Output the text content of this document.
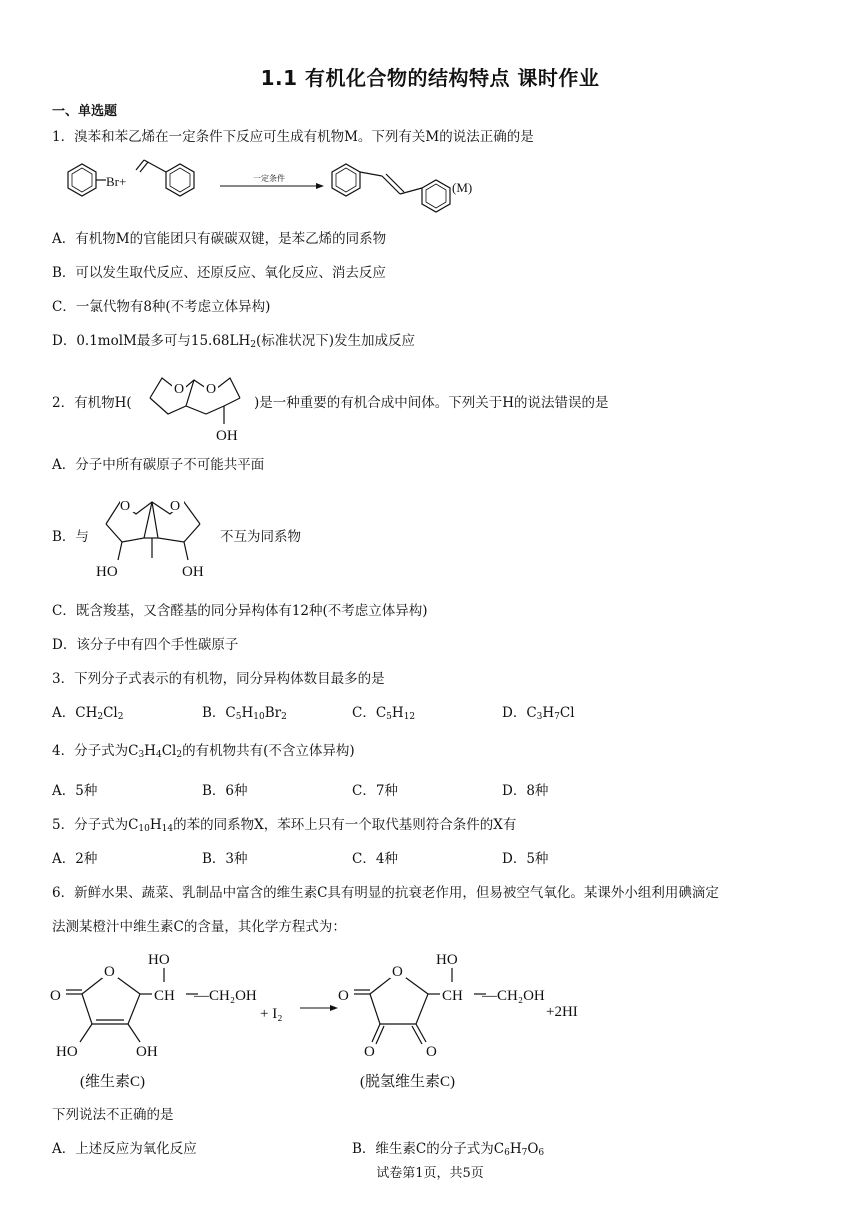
1.1 有机化合物的结构特点 课时作业
一、单选题
1．溴苯和苯乙烯在一定条件下反应可生成有机物M。下列有关M的说法正确的是
Br+	一定条件
(M)
A．有机物M的官能团只有碳碳双键，是苯乙烯的同系物
B．可以发生取代反应、还原反应、氧化反应、消去反应
C．一氯代物有8种(不考虑立体异构)
D．0.1molM最多可与$15.68LH_2$(标准状况下)发生加成反应
2．有机物H(
O O
OH
)是一种重要的有机合成中间体。下列关于H的说法错误的是
A．分子中所有碳原子不可能共平面
B．与
O	O
HO	OH
不互为同系物
C．既含羧基，又含醛基的同分异构体有12种(不考虑立体异构)
D．该分子中有四个手性碳原子
3．下列分子式表示的有机物，同分异构体数目最多的是
A．$CH_2Cl_2$	B．$C_5H_{10}Br_2$	C．$C_5H_{12}$	D．$C_3H_7Cl$
4．分子式为$C_3H_4Cl_2$的有机物共有(不含立体异构)
A．5种	B．6种	C．7种	D．8种
5．分子式为$C_{10}H_{14}$的苯的同系物X，苯环上只有一个取代基则符合条件的X有
A．2种	B．3种	C．4种	D．5种
6．新鲜水果、蔬菜、乳制品中富含的维生素C具有明显的抗衰老作用，但易被空气氧化。某课外小组利用碘滴定
法测某橙汁中维生素C的含量，其化学方程式为：
O
O
HO
CH —CH₂OH
HO	OH
(维生素C)
+ I₂
O
O
HO
CH —CH₂OH
O	O
+2HI
(脱氢维生素C)
下列说法不正确的是
A．上述反应为氧化反应	B．维生素C的分子式为$C_6H_7O_6$
试卷第1页，共5页
